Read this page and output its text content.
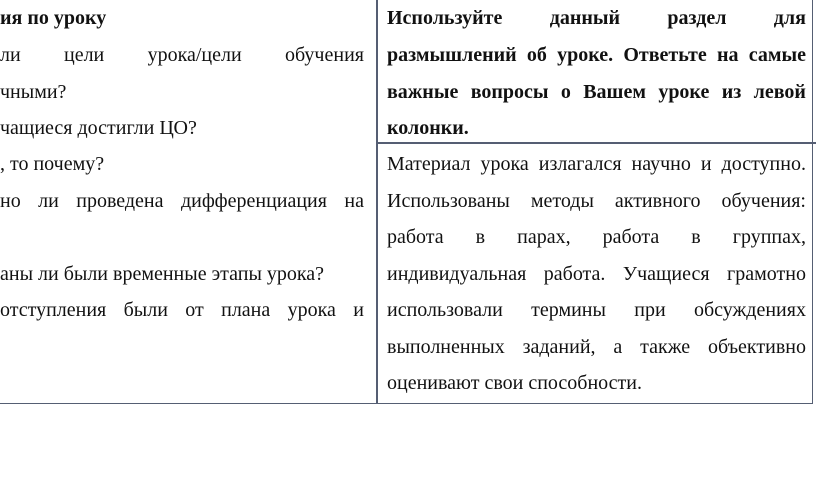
ия по уроку
ли цели урока/цели обучения
чными?
чащиеся достигли ЦО?
, то почему?
но ли проведена дифференциация на
аны ли были временные этапы урока?
отступления были от плана урока и
Используйте данный раздел для
размышлений об уроке. Ответьте на самые
важные вопросы о Вашем уроке из левой
колонки.
Материал урока излагался научно и доступно.
Использованы методы активного обучения:
работа в парах, работа в группах,
индивидуальная работа. Учащиеся грамотно
использовали термины при обсуждениях
выполненных заданий, а также объективно
оценивают свои способности.
